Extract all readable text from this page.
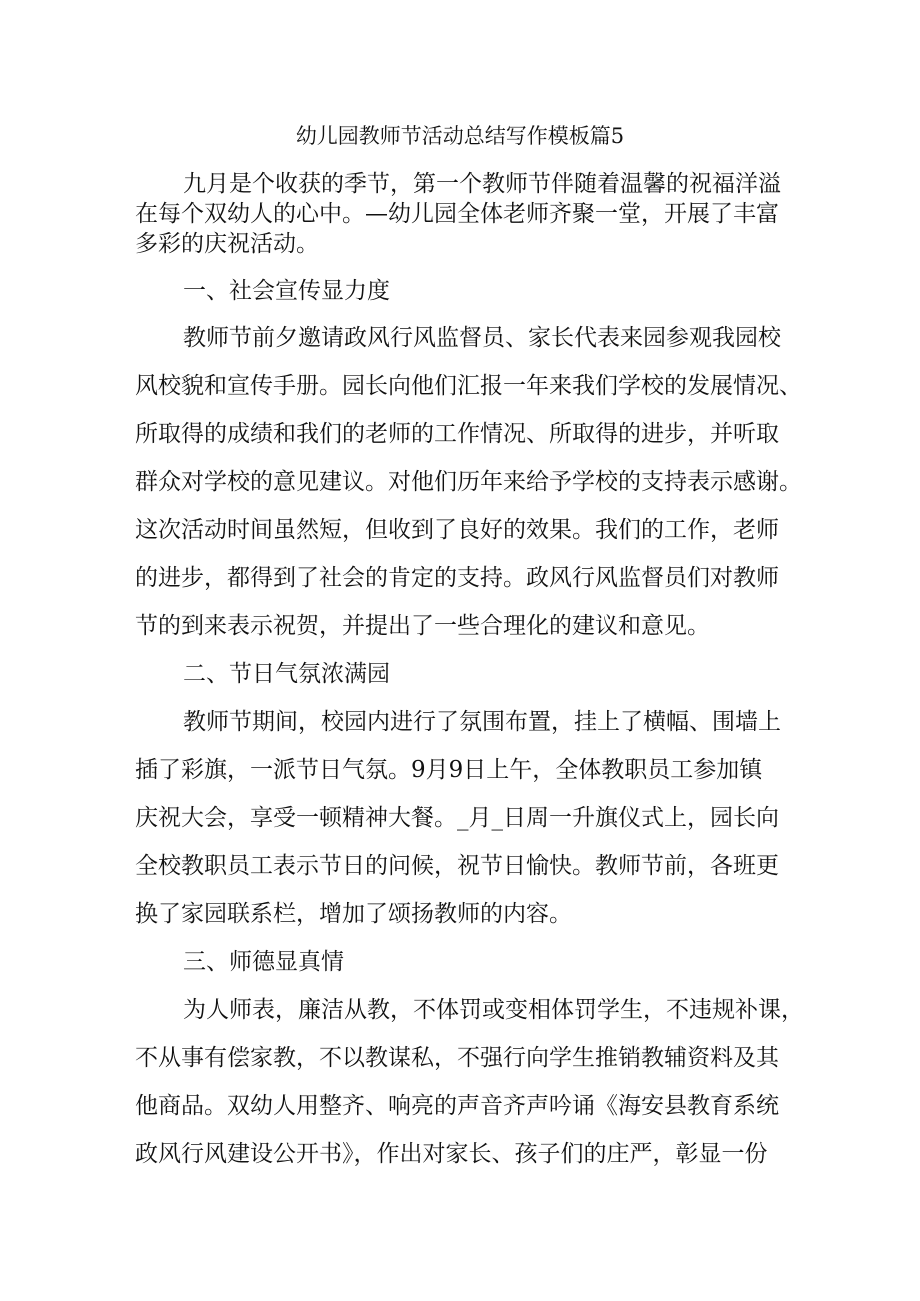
幼儿园教师节活动总结写作模板篇5
九月是个收获的季节，第一个教师节伴随着温馨的祝福洋溢
在每个双幼人的心中。—幼儿园全体老师齐聚一堂，开展了丰富
多彩的庆祝活动。
一、社会宣传显力度
教师节前夕邀请政风行风监督员、家长代表来园参观我园校
风校貌和宣传手册。园长向他们汇报一年来我们学校的发展情况、
所取得的成绩和我们的老师的工作情况、所取得的进步，并听取
群众对学校的意见建议。对他们历年来给予学校的支持表示感谢。
这次活动时间虽然短，但收到了良好的效果。我们的工作，老师
的进步，都得到了社会的肯定的支持。政风行风监督员们对教师
节的到来表示祝贺，并提出了一些合理化的建议和意见。
二、节日气氛浓满园
教师节期间，校园内进行了氛围布置，挂上了横幅、围墙上
插了彩旗，一派节日气氛。9月9日上午，全体教职员工参加镇
庆祝大会，享受一顿精神大餐。_月_日周一升旗仪式上，园长向
全校教职员工表示节日的问候，祝节日愉快。教师节前，各班更
换了家园联系栏，增加了颂扬教师的内容。
三、师德显真情
为人师表，廉洁从教，不体罚或变相体罚学生，不违规补课，
不从事有偿家教，不以教谋私，不强行向学生推销教辅资料及其
他商品。双幼人用整齐、响亮的声音齐声吟诵《海安县教育系统
政风行风建设公开书》，作出对家长、孩子们的庄严，彰显一份
